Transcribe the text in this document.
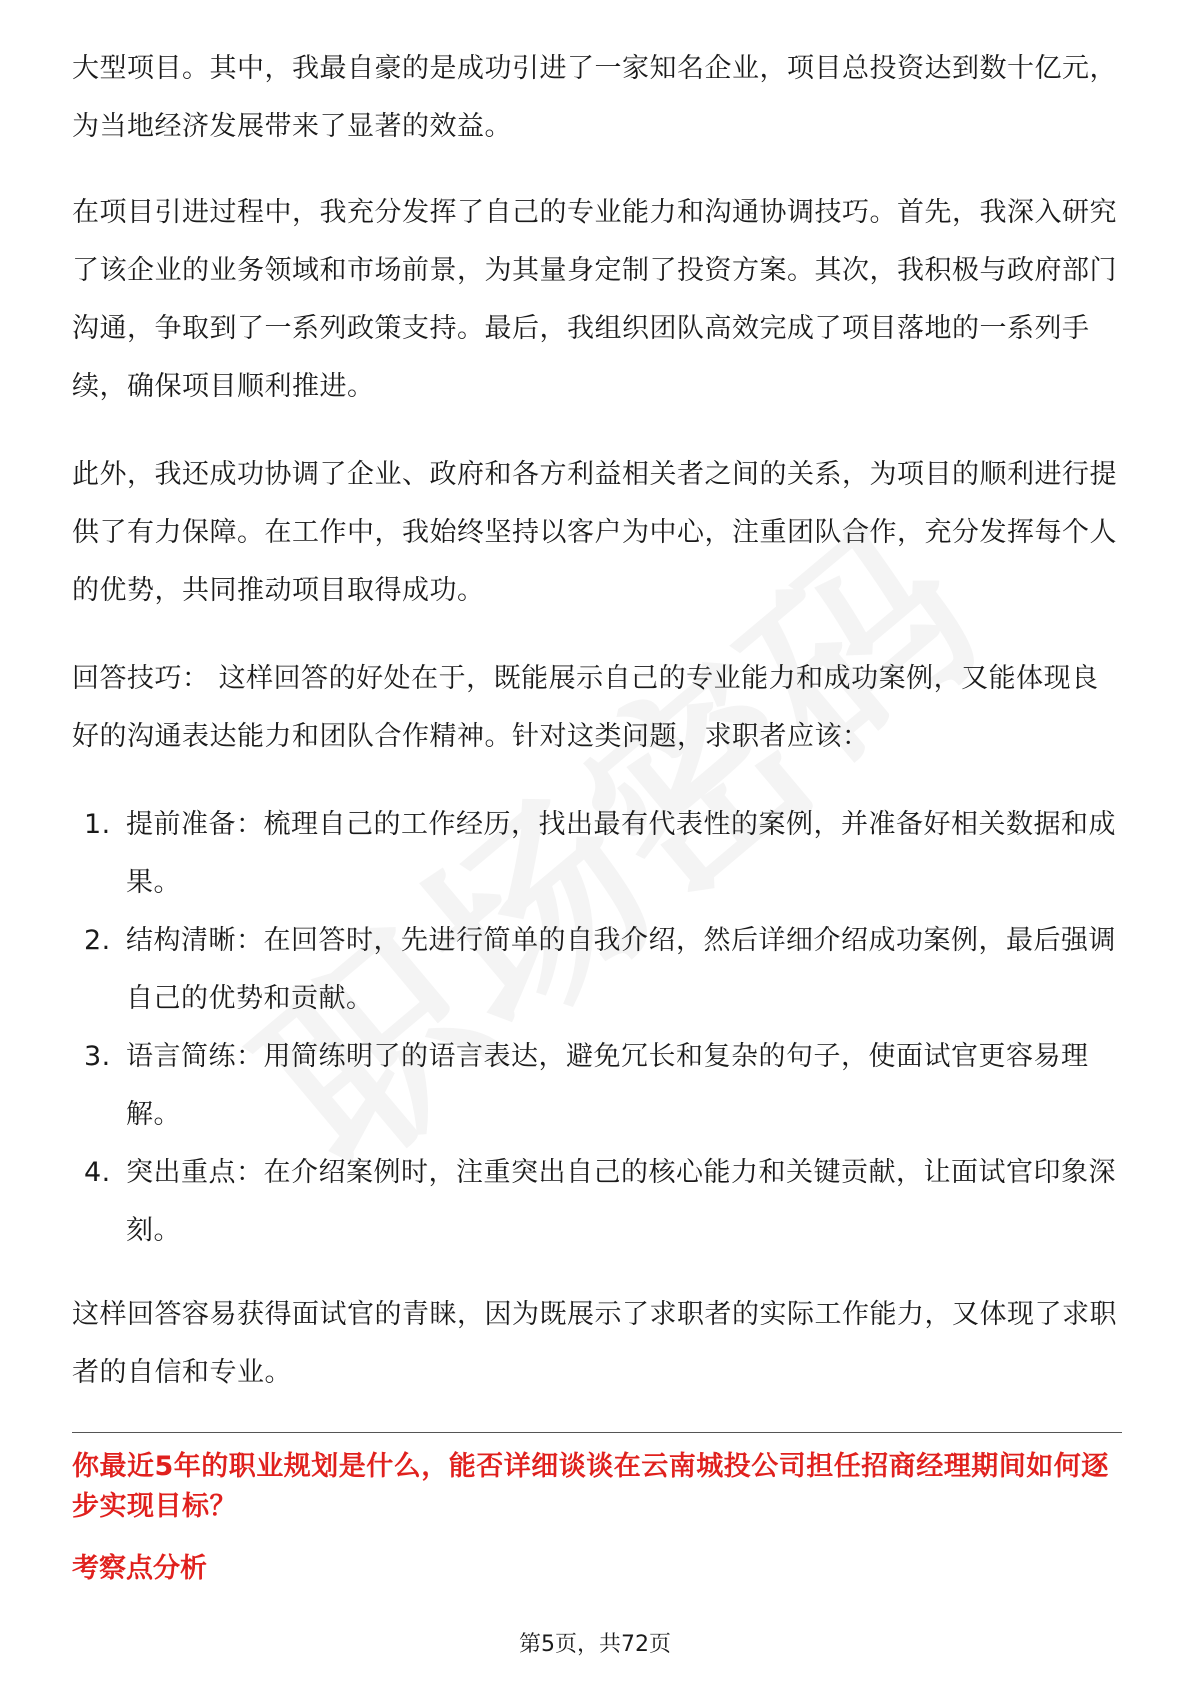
大型项目。其中，我最自豪的是成功引进了一家知名企业，项目总投资达到数十亿元，为当地经济发展带来了显著的效益。

在项目引进过程中，我充分发挥了自己的专业能力和沟通协调技巧。首先，我深入研究了该企业的业务领域和市场前景，为其量身定制了投资方案。其次，我积极与政府部门沟通，争取到了一系列政策支持。最后，我组织团队高效完成了项目落地的一系列手续，确保项目顺利推进。

此外，我还成功协调了企业、政府和各方利益相关者之间的关系，为项目的顺利进行提供了有力保障。在工作中，我始终坚持以客户为中心，注重团队合作，充分发挥每个人的优势，共同推动项目取得成功。

回答技巧： 这样回答的好处在于，既能展示自己的专业能力和成功案例，又能体现良好的沟通表达能力和团队合作精神。针对这类问题，求职者应该：

1. 提前准备：梳理自己的工作经历，找出最有代表性的案例，并准备好相关数据和成果。
2. 结构清晰：在回答时，先进行简单的自我介绍，然后详细介绍成功案例，最后强调自己的优势和贡献。
3. 语言简练：用简练明了的语言表达，避免冗长和复杂的句子，使面试官更容易理解。
4. 突出重点：在介绍案例时，注重突出自己的核心能力和关键贡献，让面试官印象深刻。

这样回答容易获得面试官的青睐，因为既展示了求职者的实际工作能力，又体现了求职者的自信和专业。

你最近5年的职业规划是什么，能否详细谈谈在云南城投公司担任招商经理期间如何逐步实现目标？

考察点分析

第5页，共72页
